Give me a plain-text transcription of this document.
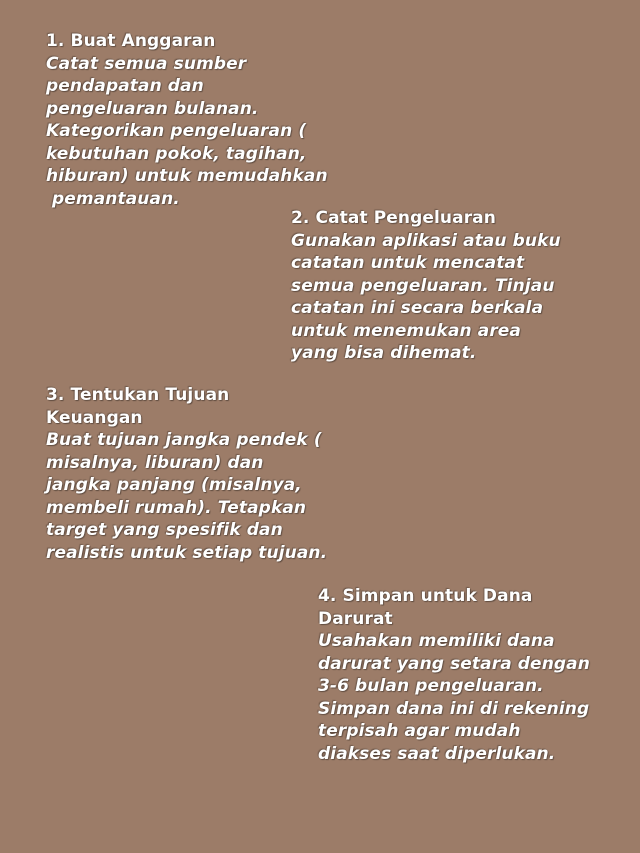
1. Buat Anggaran
Catat semua sumber
pendapatan dan
pengeluaran bulanan.
Kategorikan pengeluaran (
kebutuhan pokok, tagihan,
hiburan) untuk memudahkan
pemantauan.
2. Catat Pengeluaran
Gunakan aplikasi atau buku
catatan untuk mencatat
semua pengeluaran. Tinjau
catatan ini secara berkala
untuk menemukan area
yang bisa dihemat.
3. Tentukan Tujuan
Keuangan
Buat tujuan jangka pendek (
misalnya, liburan) dan
jangka panjang (misalnya,
membeli rumah). Tetapkan
target yang spesifik dan
realistis untuk setiap tujuan.
4. Simpan untuk Dana
Darurat
Usahakan memiliki dana
darurat yang setara dengan
3-6 bulan pengeluaran.
Simpan dana ini di rekening
terpisah agar mudah
diakses saat diperlukan.
